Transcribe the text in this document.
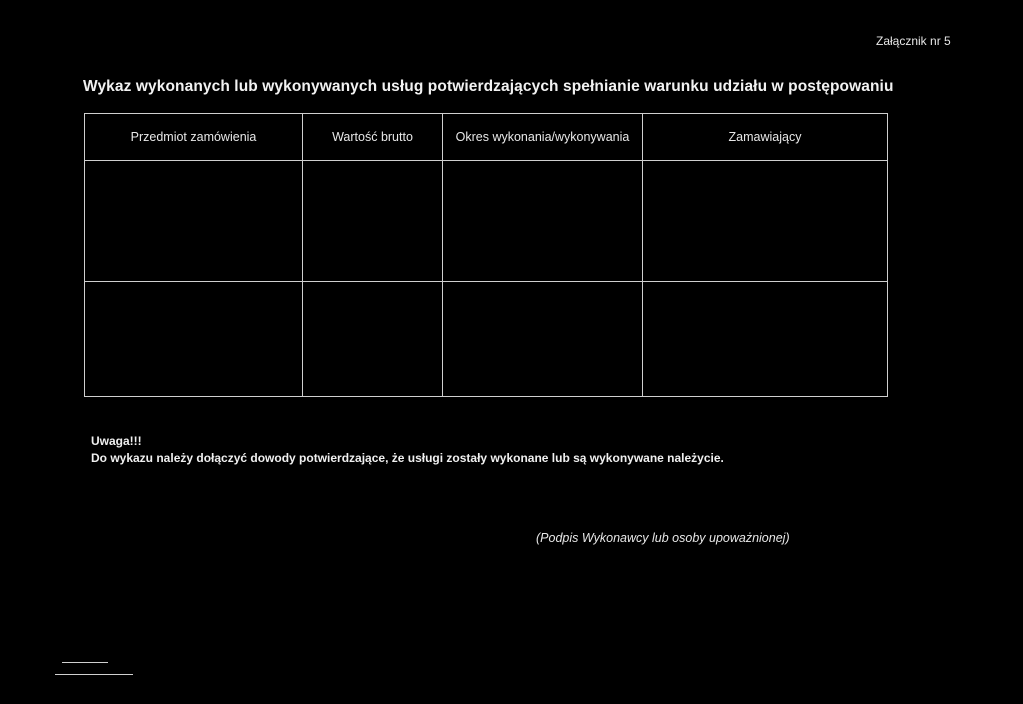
Załącznik nr 5
Wykaz wykonanych lub wykonywanych usług potwierdzających spełnianie warunku udziału w postępowaniu
Przedmiot zamówienia	Wartość brutto	Okres wykonania/wykonywania	Zamawiający

Uwaga!!!
Do wykazu należy dołączyć dowody potwierdzające, że usługi zostały wykonane lub są wykonywane należycie.
(Podpis Wykonawcy lub osoby upoważnionej)
